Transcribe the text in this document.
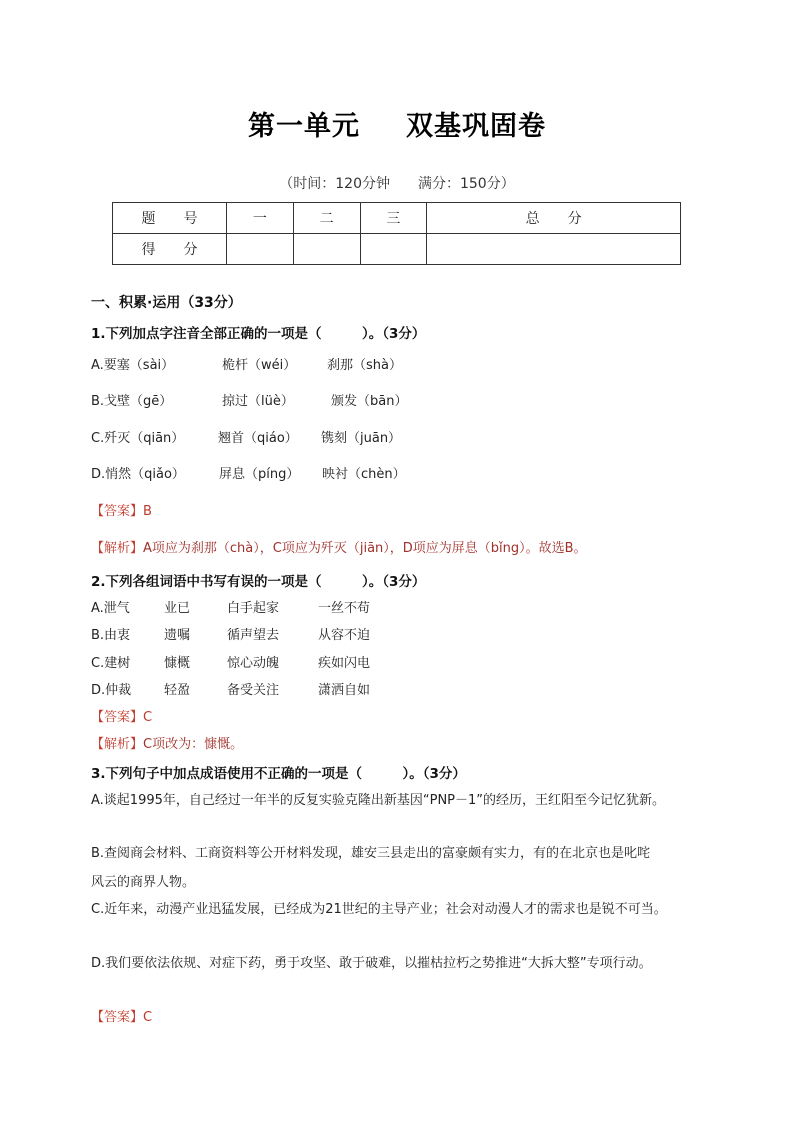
第一单元 双基巩固卷
（时间：120分钟　　满分：150分）
题　　号	一	二	三	总　　分
得　　分				
一、积累·运用（33分）
1.下列加点字注音全部正确的一项是（　　　）。（3分）
A.要塞（sài）	桅杆（wéi） 刹那（shà）
B.戈壁（gē）	掠过（lüè）	颁发（bān）
C.歼灭（qiān）	翘首（qiáo） 镌刻（juān）
D.悄然（qiǎo）	屏息（píng） 映衬（chèn）
【答案】B
【解析】A项应为刹那（chà），C项应为歼灭（jiān），D项应为屏息（bǐng）。故选B。
2.下列各组词语中书写有误的一项是（　　　）。（3分）
A.泄气	业已	白手起家	一丝不苟
B.由衷	遗嘱	循声望去	从容不迫
C.建树	慷概	惊心动魄	疾如闪电
D.仲裁	轻盈	备受关注	潇洒自如
【答案】C
【解析】C项改为：慷慨。
3.下列句子中加点成语使用不正确的一项是（　　　）。（3分）
A.谈起1995年，自己经过一年半的反复实验克隆出新基因“PNP－1”的经历，王红阳至今记忆犹新。
B.查阅商会材料、工商资料等公开材料发现，雄安三县走出的富豪颇有实力，有的在北京也是叱咤
风云的商界人物。
C.近年来，动漫产业迅猛发展，已经成为21世纪的主导产业；社会对动漫人才的需求也是锐不可当。
D.我们要依法依规、对症下药，勇于攻坚、敢于破难，以摧枯拉朽之势推进“大拆大整”专项行动。
【答案】C
